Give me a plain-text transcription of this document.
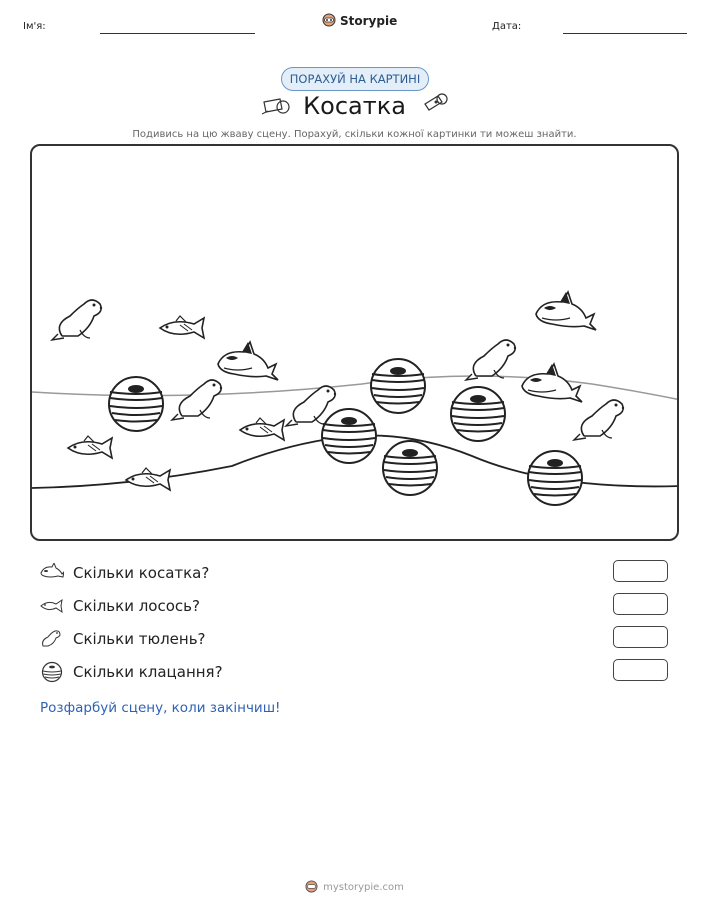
Ім'я:	Storypie	Дата:
ПОРАХУЙ НА КАРТИНІ
Косатка
Подивись на цю жваву сцену. Порахуй, скільки кожної картинки ти можеш знайти.
Скільки косатка?
Скільки лосось?
Скільки тюлень?
Скільки клацання?
Розфарбуй сцену, коли закінчиш!
mystorypie.com
